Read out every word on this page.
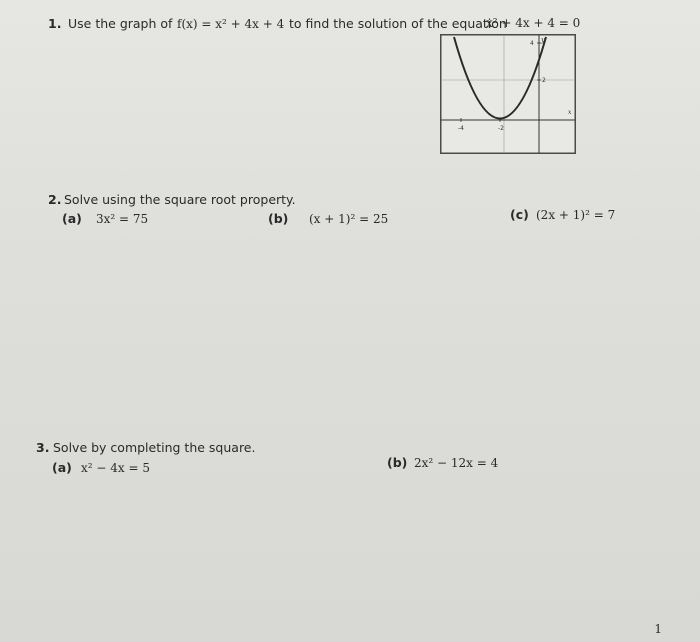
1. Use the graph of f(x) = x² + 4x + 4 to find the solution of the equation
x² + 4x + 4 = 0
-4	-2
4
2
y
x
2. Solve using the square root property.
(a) 3x² = 75	(b) (x + 1)² = 25	(c) (2x + 1)² = 7
3. Solve by completing the square.
(a) x² − 4x = 5	(b) 2x² − 12x = 4
1
